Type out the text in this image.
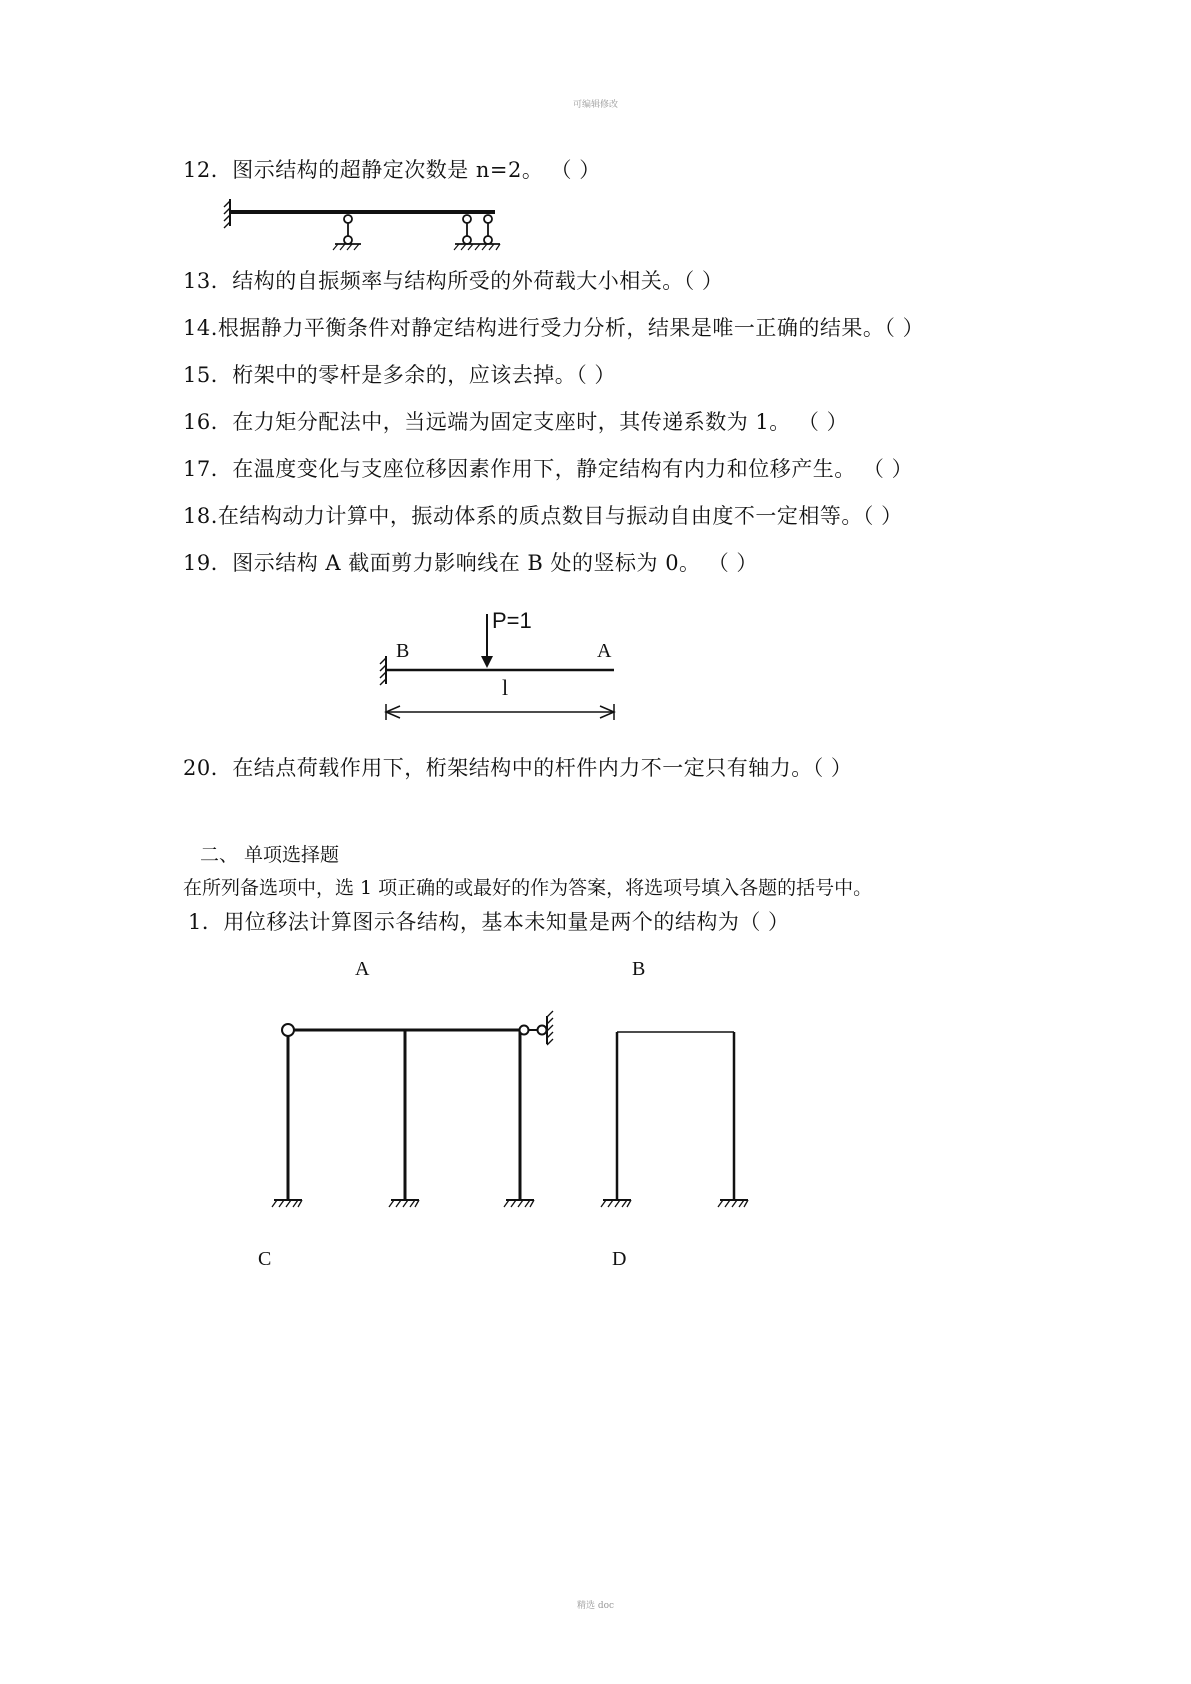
可编辑修改
12．图示结构的超静定次数是 n=2。 （ ）
13．结构的自振频率与结构所受的外荷载大小相关。（ ）
14.根据静力平衡条件对静定结构进行受力分析，结果是唯一正确的结果。（ ）
15．桁架中的零杆是多余的，应该去掉。（ ）
16．在力矩分配法中，当远端为固定支座时，其传递系数为 1。 （ ）
17．在温度变化与支座位移因素作用下，静定结构有内力和位移产生。 （ ）
18.在结构动力计算中，振动体系的质点数目与振动自由度不一定相等。（ ）
19．图示结构 A 截面剪力影响线在 B 处的竖标为 0。 （ ）
P=1
B	A
l
20．在结点荷载作用下，桁架结构中的杆件内力不一定只有轴力。（ ）
二、 单项选择题
在所列备选项中，选 1 项正确的或最好的作为答案，将选项号填入各题的括号中。
1．用位移法计算图示各结构，基本未知量是两个的结构为（ ）
A	B
C	D
精选 doc
